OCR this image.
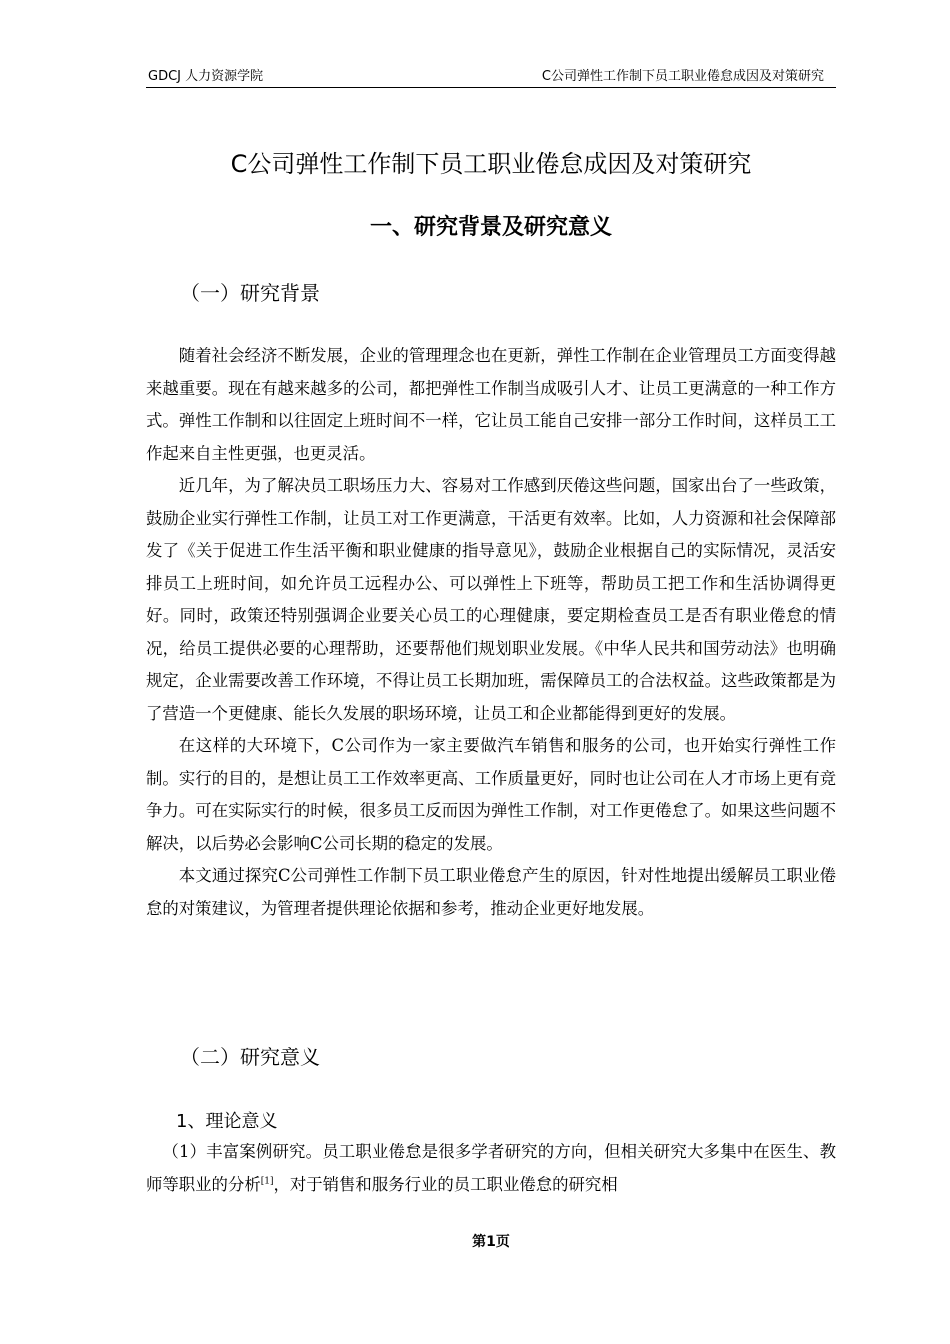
GDCJ 人力资源学院	C公司弹性工作制下员工职业倦怠成因及对策研究
C公司弹性工作制下员工职业倦怠成因及对策研究
一、研究背景及研究意义
（一）研究背景

随着社会经济不断发展，企业的管理理念也在更新，弹性工作制在企业管理员工方面变得越来越重要。现在有越来越多的公司，都把弹性工作制当成吸引人才、让员工更满意的一种工作方式。弹性工作制和以往固定上班时间不一样，它让员工能自己安排一部分工作时间，这样员工工作起来自主性更强，也更灵活。

近几年，为了解决员工职场压力大、容易对工作感到厌倦这些问题，国家出台了一些政策，鼓励企业实行弹性工作制，让员工对工作更满意，干活更有效率。比如，人力资源和社会保障部发了《关于促进工作生活平衡和职业健康的指导意见》，鼓励企业根据自己的实际情况，灵活安排员工上班时间，如允许员工远程办公、可以弹性上下班等，帮助员工把工作和生活协调得更好。同时，政策还特别强调企业要关心员工的心理健康，要定期检查员工是否有职业倦怠的情况，给员工提供必要的心理帮助，还要帮他们规划职业发展。《中华人民共和国劳动法》也明确规定，企业需要改善工作环境，不得让员工长期加班，需保障员工的合法权益。这些政策都是为了营造一个更健康、能长久发展的职场环境，让员工和企业都能得到更好的发展。

在这样的大环境下，C公司作为一家主要做汽车销售和服务的公司，也开始实行弹性工作制。实行的目的，是想让员工工作效率更高、工作质量更好，同时也让公司在人才市场上更有竞争力。可在实际实行的时候，很多员工反而因为弹性工作制，对工作更倦怠了。如果这些问题不解决，以后势必会影响C公司长期的稳定的发展。

本文通过探究C公司弹性工作制下员工职业倦怠产生的原因，针对性地提出缓解员工职业倦怠的对策建议，为管理者提供理论依据和参考，推动企业更好地发展。

（二）研究意义
1、理论意义

（1）丰富案例研究。员工职业倦怠是很多学者研究的方向，但相关研究大多集中在医生、教师等职业的分析[1]，对于销售和服务行业的员工职业倦怠的研究相

第1页
